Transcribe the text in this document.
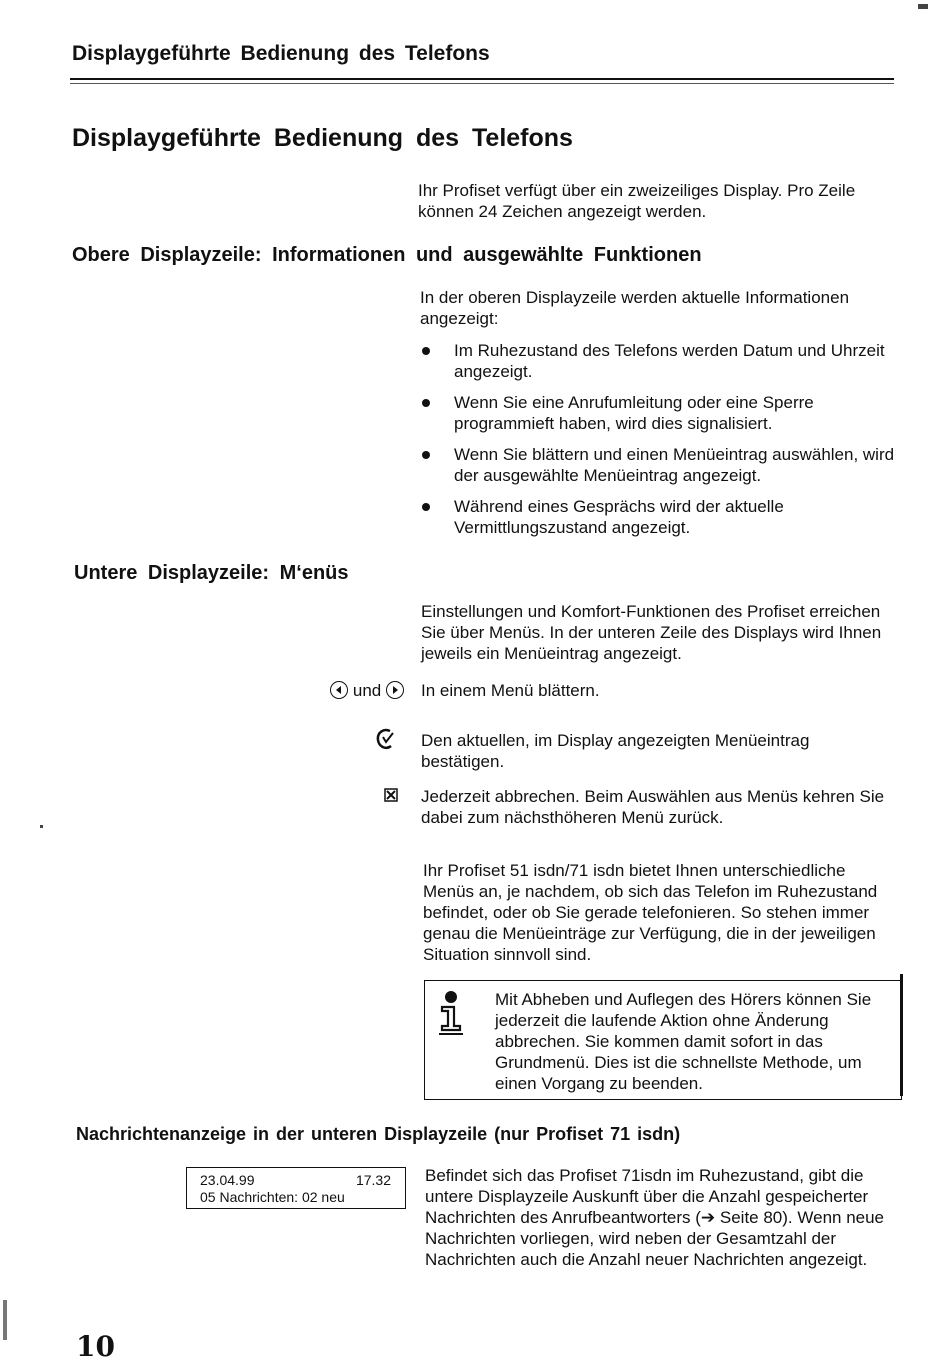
Displaygeführte Bedienung des Telefons
Displaygeführte Bedienung des Telefons
Ihr Profiset verfügt über ein zweizeiliges Display. Pro Zeile können 24 Zeichen angezeigt werden.
Obere Displayzeile: Informationen und ausgewählte Funktionen
In der oberen Displayzeile werden aktuelle Informationen angezeigt:
Im Ruhezustand des Telefons werden Datum und Uhrzeit angezeigt.
Wenn Sie eine Anrufumleitung oder eine Sperre programmieft haben, wird dies signalisiert.
Wenn Sie blättern und einen Menüeintrag auswählen, wird der ausgewählte Menüeintrag angezeigt.
Während eines Gesprächs wird der aktuelle Vermittlungszustand angezeigt.
Untere Displayzeile: M‘enüs
Einstellungen und Komfort-Funktionen des Profiset erreichen Sie über Menüs. In der unteren Zeile des Displays wird Ihnen jeweils ein Menüeintrag angezeigt.
und	In einem Menü blättern.
Den aktuellen, im Display angezeigten Menüeintrag bestätigen.
Jederzeit abbrechen. Beim Auswählen aus Menüs kehren Sie dabei zum nächsthöheren Menü zurück.
Ihr Profiset 51 isdn/71 isdn bietet Ihnen unterschiedliche Menüs an, je nachdem, ob sich das Telefon im Ruhezustand befindet, oder ob Sie gerade telefonieren. So stehen immer genau die Menüeinträge zur Verfügung, die in der jeweiligen Situation sinnvoll sind.
Mit Abheben und Auflegen des Hörers können Sie jederzeit die laufende Aktion ohne Änderung abbrechen. Sie kommen damit sofort in das Grundmenü. Dies ist die schnellste Methode, um einen Vorgang zu beenden.
Nachrichtenanzeige in der unteren Displayzeile (nur Profiset 71 isdn)
23.04.99	17.32
05 Nachrichten: 02 neu
Befindet sich das Profiset 71isdn im Ruhezustand, gibt die untere Displayzeile Auskunft über die Anzahl gespeicherter Nachrichten des Anrufbeantworters (➔ Seite 80). Wenn neue Nachrichten vorliegen, wird neben der Gesamtzahl der Nachrichten auch die Anzahl neuer Nachrichten angezeigt.
10
